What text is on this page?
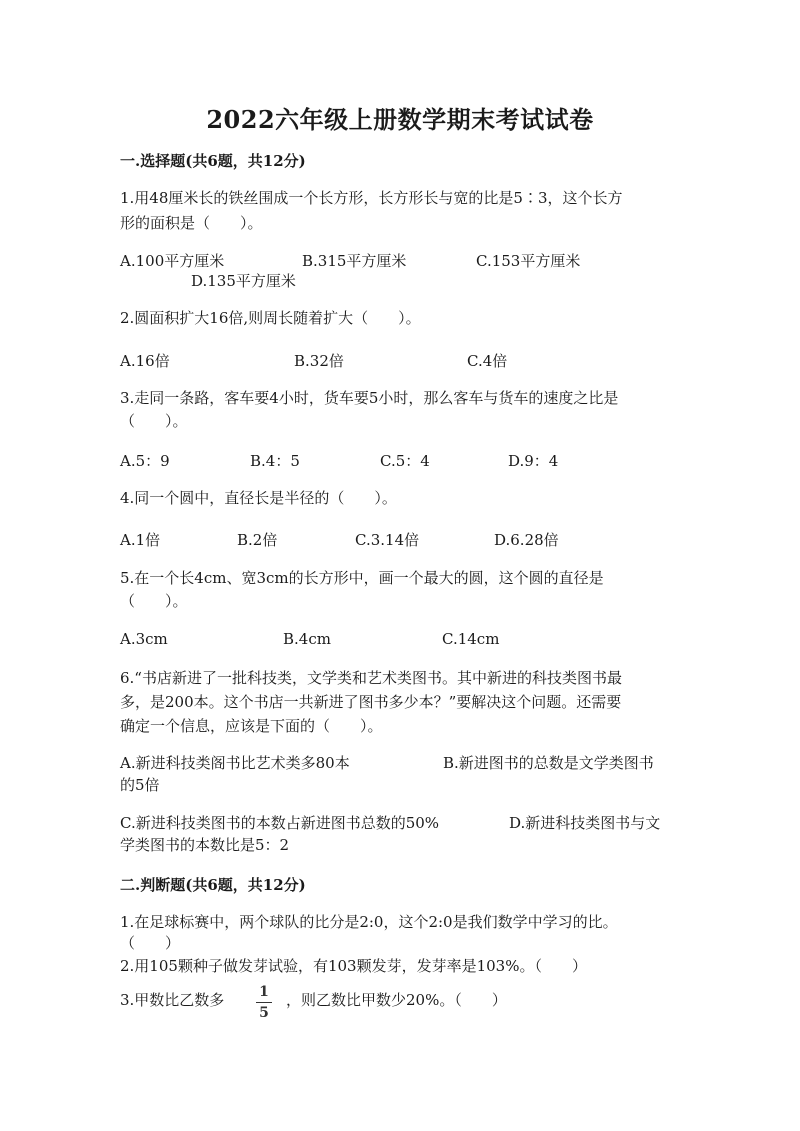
2022六年级上册数学期末考试试卷
一.选择题(共6题，共12分)
1.用48厘米长的铁丝围成一个长方形，长方形长与宽的比是5∶3，这个长方
形的面积是（　　）。
A.100平方厘米	B.315平方厘米	C.153平方厘米
D.135平方厘米
2.圆面积扩大16倍,则周长随着扩大（　　）。
A.16倍	B.32倍	C.4倍
3.走同一条路，客车要4小时，货车要5小时，那么客车与货车的速度之比是
（　　）。
A.5：9	B.4：5	C.5：4	D.9：4
4.同一个圆中，直径长是半径的（　　）。
A.1倍	B.2倍	C.3.14倍	D.6.28倍
5.在一个长4cm、宽3cm的长方形中，画一个最大的圆，这个圆的直径是
（　　）。
A.3cm	B.4cm	C.14cm
6.“书店新进了一批科技类，文学类和艺术类图书。其中新进的科技类图书最
多，是200本。这个书店一共新进了图书多少本？”要解决这个问题。还需要
确定一个信息，应该是下面的（　　）。
A.新进科技类阁书比艺术类多80本	B.新进图书的总数是文学类图书
的5倍
C.新进科技类图书的本数占新进图书总数的50%	D.新进科技类图书与文
学类图书的本数比是5：2
二.判断题(共6题，共12分)
1.在足球标赛中，两个球队的比分是2:0，这个2:0是我们数学中学习的比。
（　　）
2.用105颗种子做发芽试验，有103颗发芽，发芽率是103%。（　　）
3.甲数比乙数多	1
5
，则乙数比甲数少20%。（　　）
